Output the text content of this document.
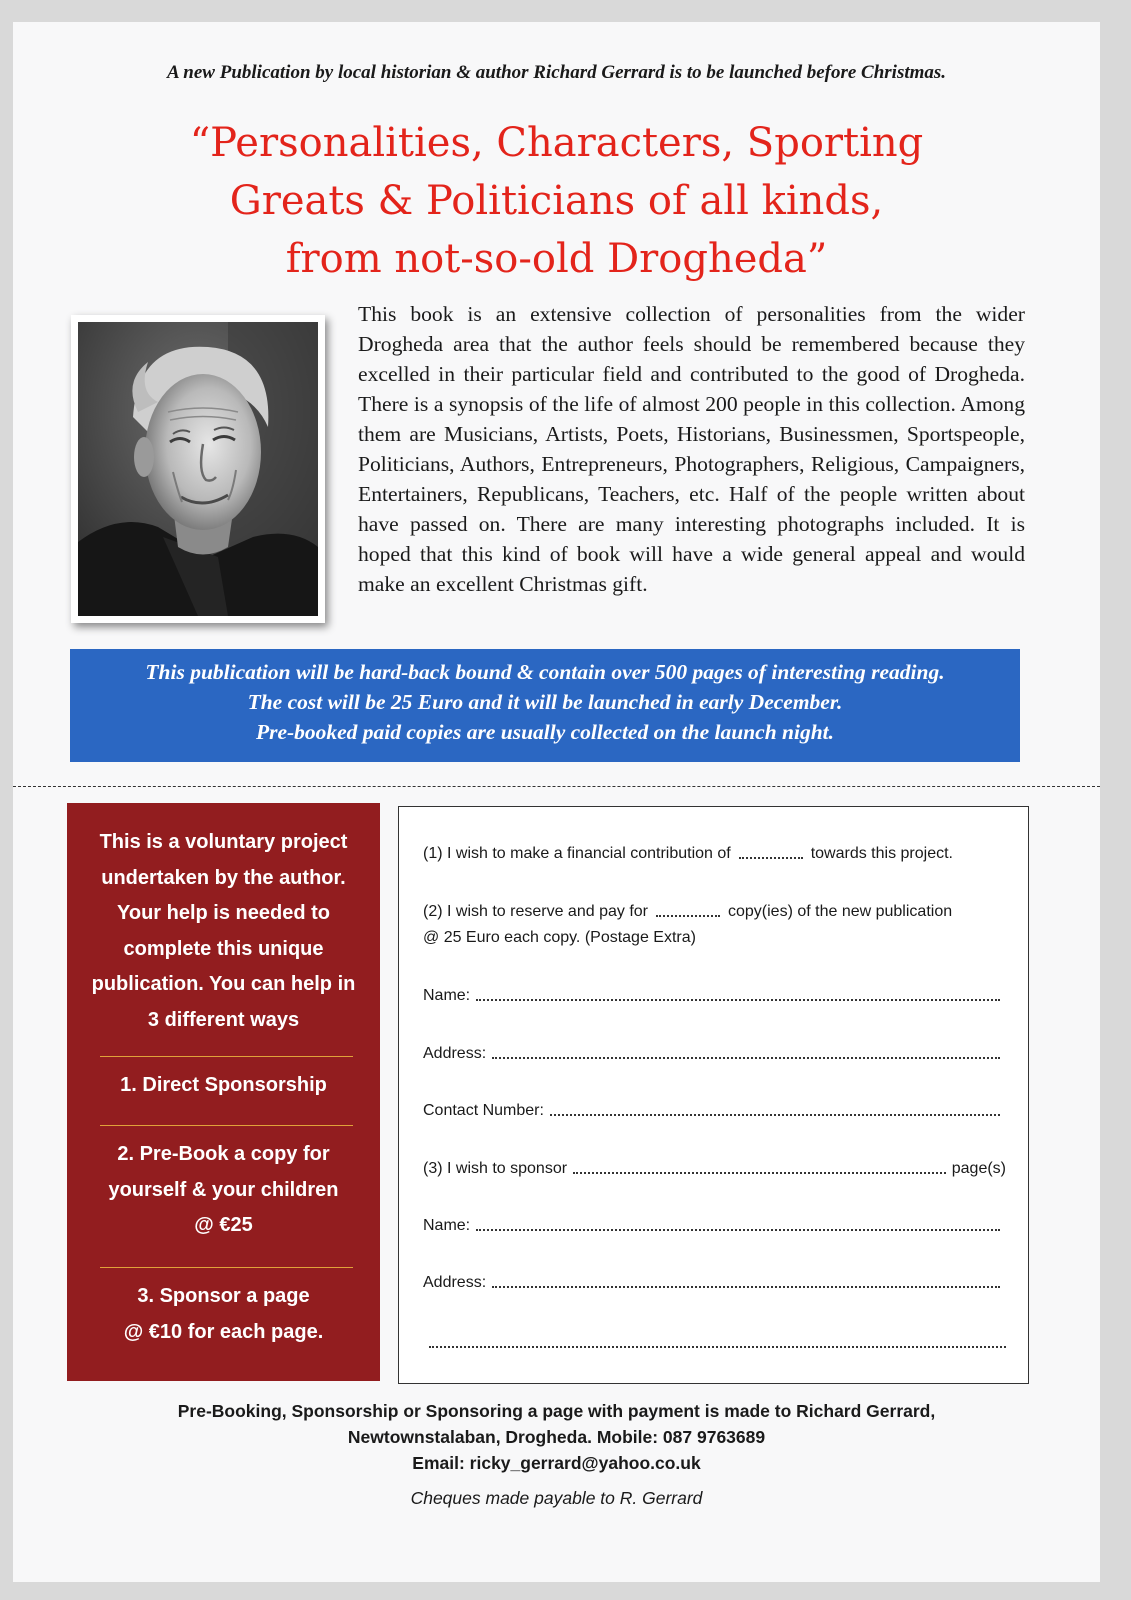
A new Publication by local historian & author Richard Gerrard is to be launched before Christmas.
“Personalities, Characters, Sporting
Greats & Politicians of all kinds,
from not-so-old Drogheda”

This book is an extensive collection of personalities from the wider Drogheda area that the author feels should be remembered because they excelled in their particular field and contributed to the good of Drogheda. There is a synopsis of the life of almost 200 people in this collection. Among them are Musicians, Artists, Poets, Historians, Businessmen, Sportspeople, Politicians, Authors, Entrepreneurs, Photographers, Religious, Campaigners, Entertainers, Republicans, Teachers, etc. Half of the people written about have passed on. There are many interesting photographs included. It is hoped that this kind of book will have a wide general appeal and would make an excellent Christmas gift.

This publication will be hard-back bound & contain over 500 pages of interesting reading.
The cost will be 25 Euro and it will be launched in early December.
Pre-booked paid copies are usually collected on the launch night.
This is a voluntary project
undertaken by the author.
Your help is needed to
complete this unique
publication. You can help in
3 different ways
1. Direct Sponsorship
2. Pre-Book a copy for
yourself & your children
@ €25
3. Sponsor a page
@ €10 for each page.
(1) I wish to make a financial contribution of	towards this project.
(2) I wish to reserve and pay for	copy(ies) of the new publication
@ 25 Euro each copy. (Postage Extra)
Name:
Address:
Contact Number:
(3) I wish to sponsor	page(s)
Name:
Address:
Pre-Booking, Sponsorship or Sponsoring a page with payment is made to Richard Gerrard,
Newtownstalaban, Drogheda. Mobile: 087 9763689
Email: ricky_gerrard@yahoo.co.uk
Cheques made payable to R. Gerrard
